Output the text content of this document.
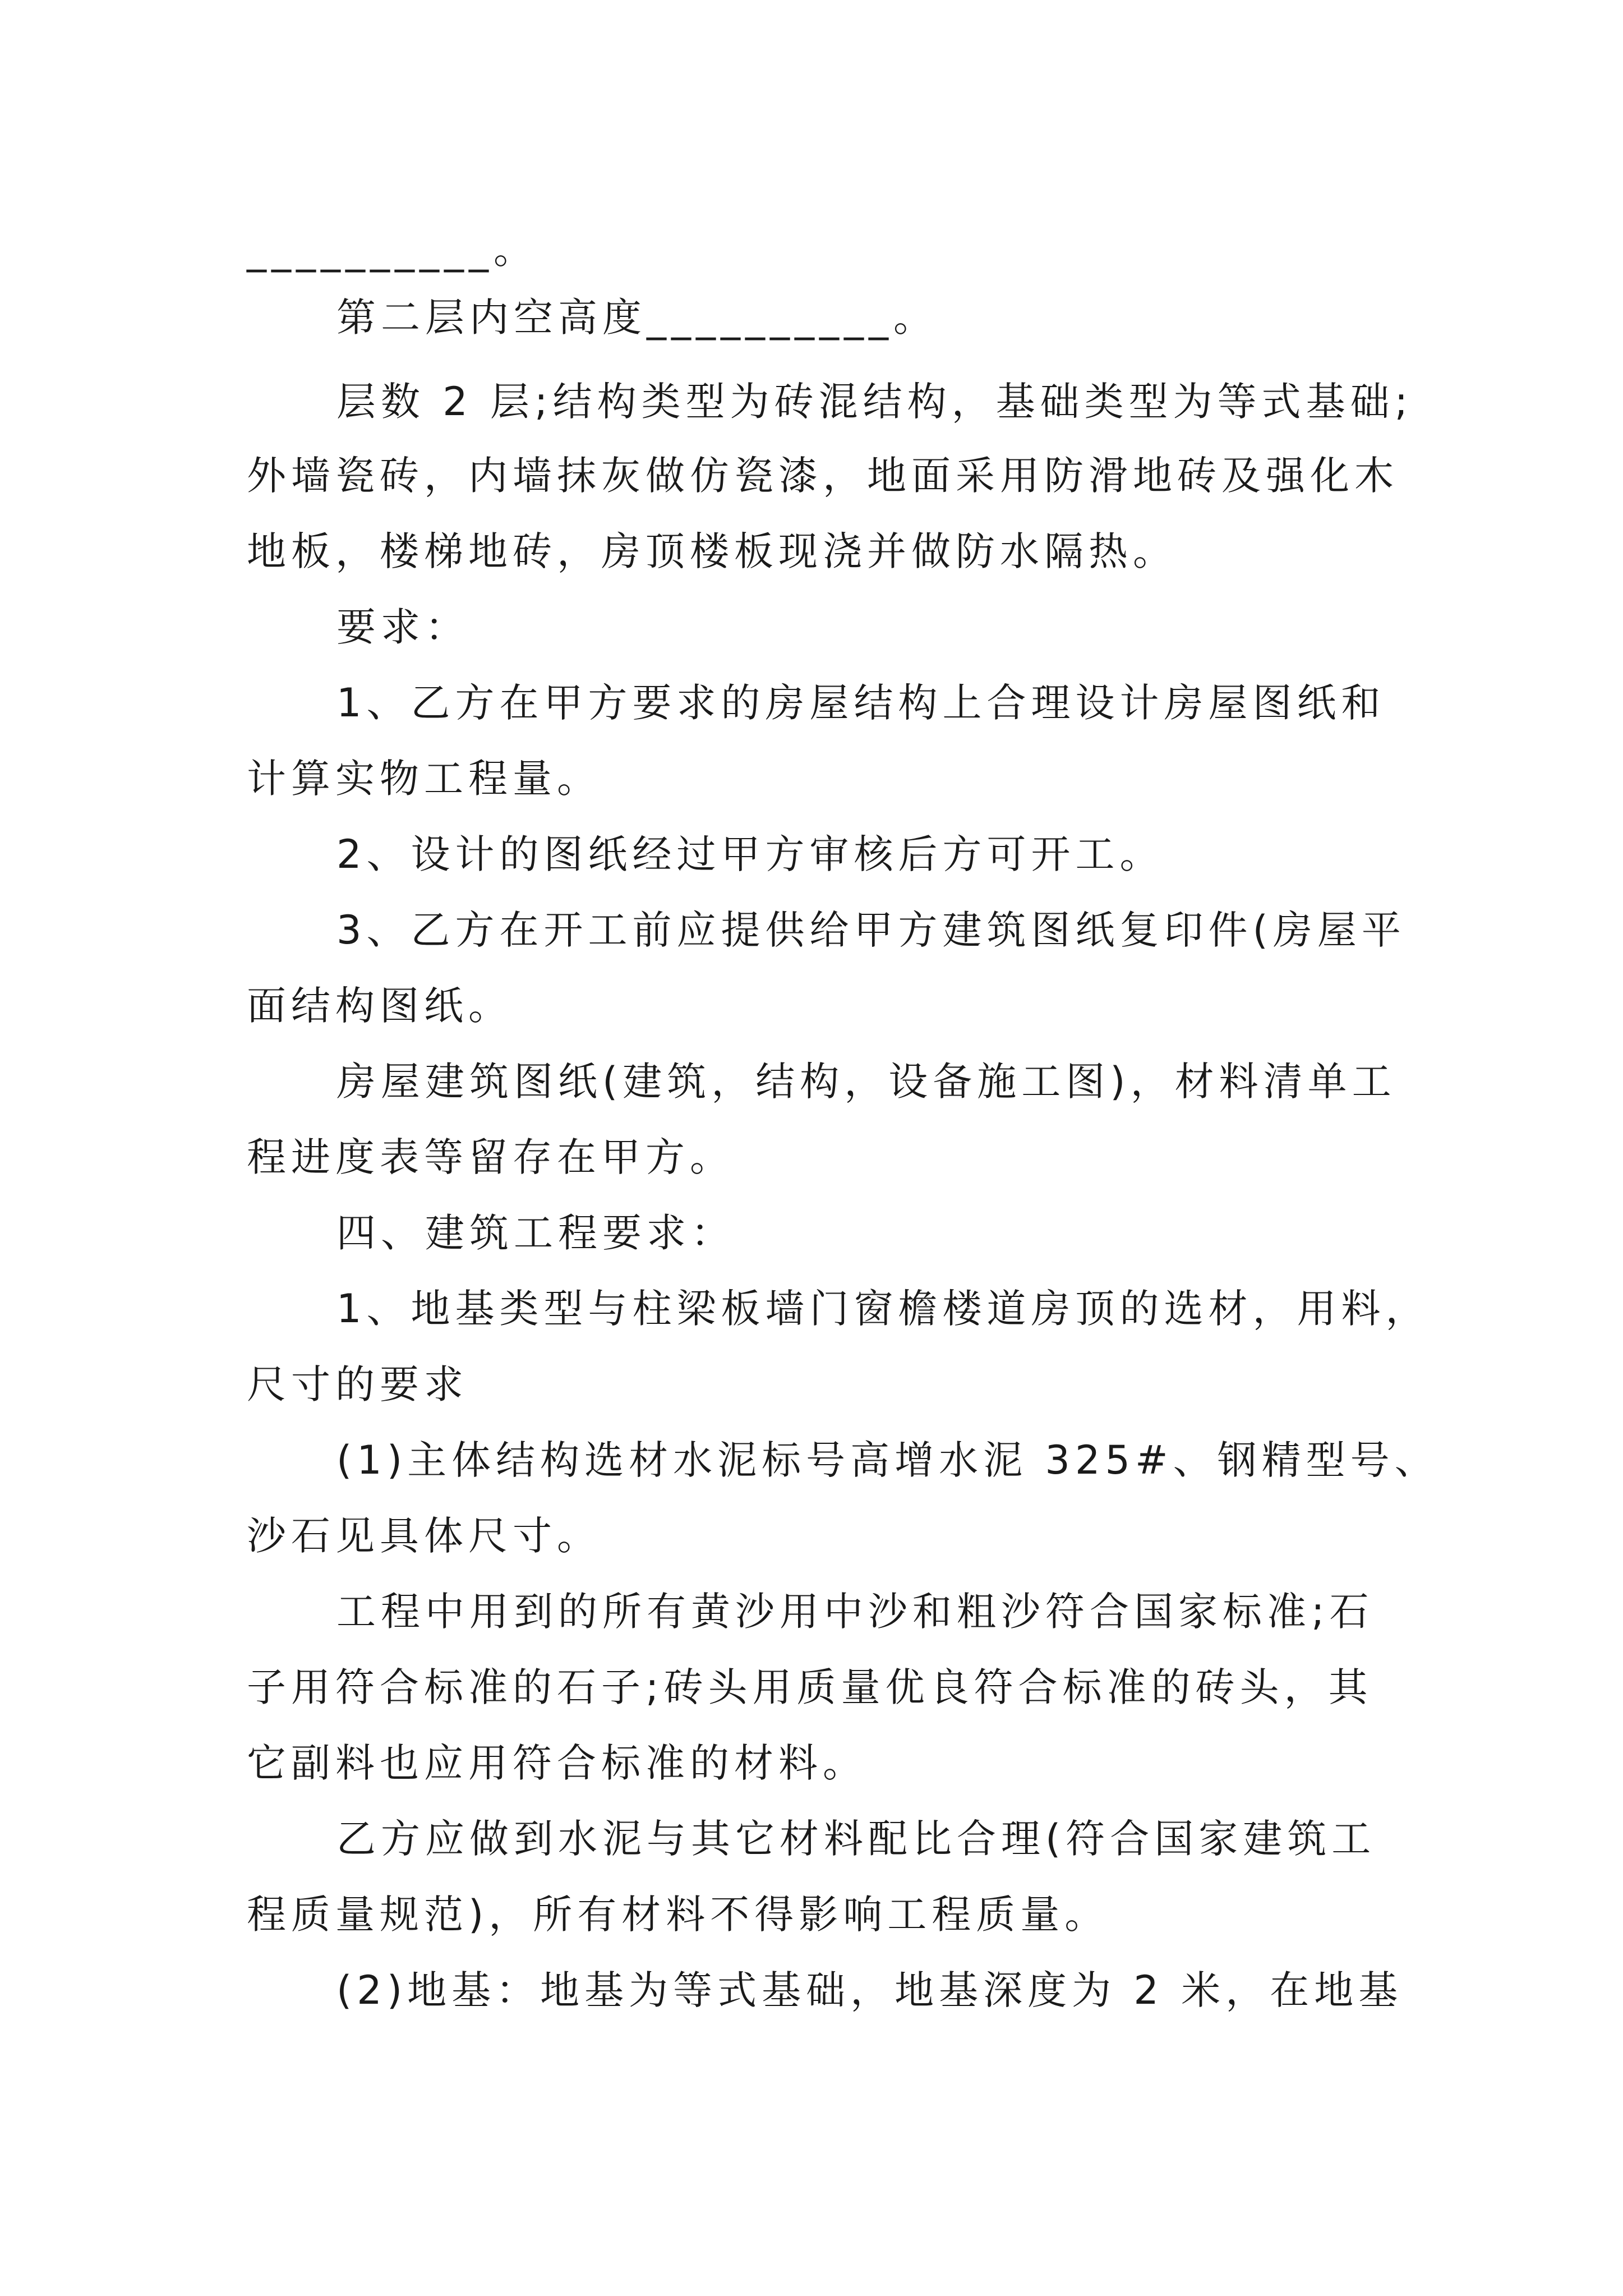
__________。
第二层内空高度__________。
层数 2 层;结构类型为砖混结构，基础类型为等式基础;
外墙瓷砖，内墙抹灰做仿瓷漆，地面采用防滑地砖及强化木
地板，楼梯地砖，房顶楼板现浇并做防水隔热。
要求：
1、乙方在甲方要求的房屋结构上合理设计房屋图纸和
计算实物工程量。
2、设计的图纸经过甲方审核后方可开工。
3、乙方在开工前应提供给甲方建筑图纸复印件(房屋平
面结构图纸。
房屋建筑图纸(建筑，结构，设备施工图)，材料清单工
程进度表等留存在甲方。
四、建筑工程要求：
1、地基类型与柱梁板墙门窗檐楼道房顶的选材，用料，
尺寸的要求
(1)主体结构选材水泥标号高增水泥 325#、钢精型号、
沙石见具体尺寸。
工程中用到的所有黄沙用中沙和粗沙符合国家标准;石
子用符合标准的石子;砖头用质量优良符合标准的砖头，其
它副料也应用符合标准的材料。
乙方应做到水泥与其它材料配比合理(符合国家建筑工
程质量规范)，所有材料不得影响工程质量。
(2)地基：地基为等式基础，地基深度为 2 米，在地基
